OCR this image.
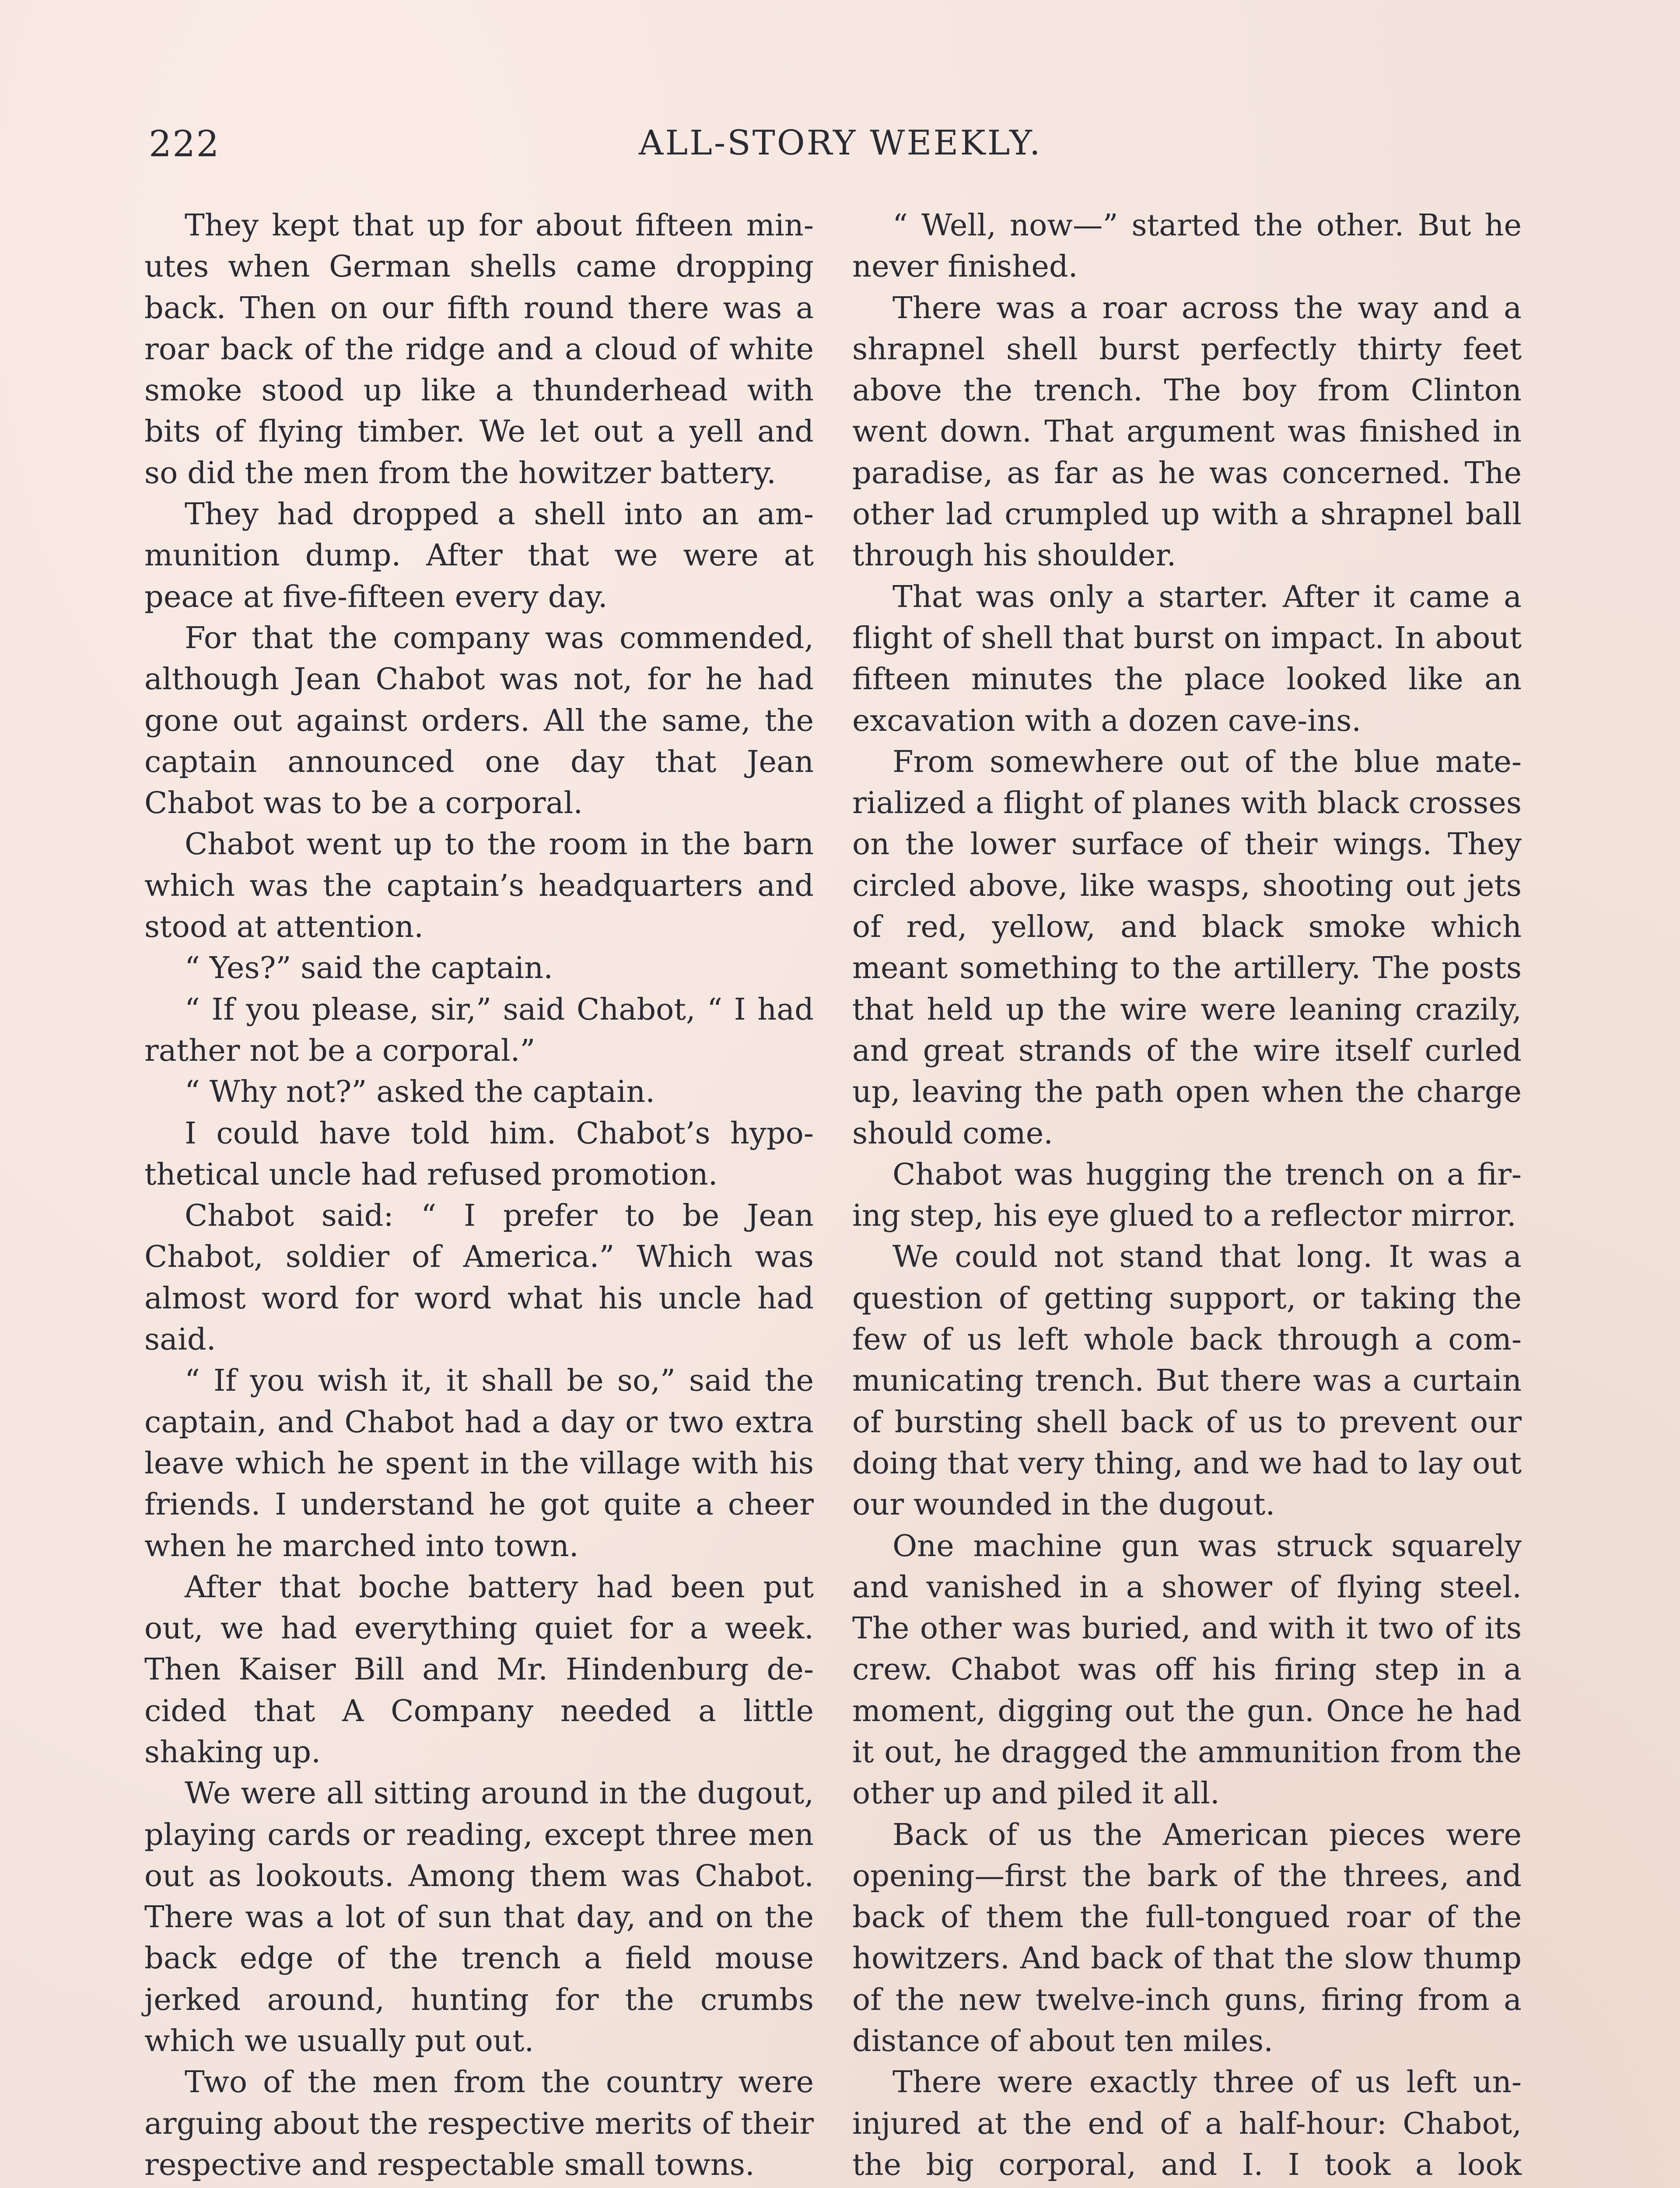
222	ALL-STORY WEEKLY.

They kept that up for about fifteen minutes when German shells came dropping back. Then on our fifth round there was a roar back of the ridge and a cloud of white smoke stood up like a thunderhead with bits of flying timber. We let out a yell and so did the men from the howitzer battery.

They had dropped a shell into an ammunition dump. After that we were at peace at five-fifteen every day.

For that the company was commended, although Jean Chabot was not, for he had gone out against orders. All the same, the captain announced one day that Jean Chabot was to be a corporal.

Chabot went up to the room in the barn which was the captain’s headquarters and stood at attention.

“ Yes?” said the captain.

“ If you please, sir,” said Chabot, “ I had rather not be a corporal.”

“ Why not?” asked the captain.

I could have told him. Chabot’s hypothetical uncle had refused promotion.

Chabot said: “ I prefer to be Jean Chabot, soldier of America.” Which was almost word for word what his uncle had said.

“ If you wish it, it shall be so,” said the captain, and Chabot had a day or two extra leave which he spent in the village with his friends. I understand he got quite a cheer when he marched into town.

After that boche battery had been put out, we had everything quiet for a week. Then Kaiser Bill and Mr. Hindenburg decided that A Company needed a little shaking up.

We were all sitting around in the dugout, playing cards or reading, except three men out as lookouts. Among them was Chabot. There was a lot of sun that day, and on the back edge of the trench a field mouse jerked around, hunting for the crumbs which we usually put out.

Two of the men from the country were arguing about the respective merits of their respective and respectable small towns.

“ Well, now—” started the other. But he never finished.

There was a roar across the way and a shrapnel shell burst perfectly thirty feet above the trench. The boy from Clinton went down. That argument was finished in paradise, as far as he was concerned. The other lad crumpled up with a shrapnel ball through his shoulder.

That was only a starter. After it came a flight of shell that burst on impact. In about fifteen minutes the place looked like an excavation with a dozen cave-ins.

From somewhere out of the blue materialized a flight of planes with black crosses on the lower surface of their wings. They circled above, like wasps, shooting out jets of red, yellow, and black smoke which meant something to the artillery. The posts that held up the wire were leaning crazily, and great strands of the wire itself curled up, leaving the path open when the charge should come.

Chabot was hugging the trench on a firing step, his eye glued to a reflector mirror.

We could not stand that long. It was a question of getting support, or taking the few of us left whole back through a communicating trench. But there was a curtain of bursting shell back of us to prevent our doing that very thing, and we had to lay out our wounded in the dugout.

One machine gun was struck squarely and vanished in a shower of flying steel. The other was buried, and with it two of its crew. Chabot was off his firing step in a moment, digging out the gun. Once he had it out, he dragged the ammunition from the other up and piled it all.

Back of us the American pieces were opening—first the bark of the threes, and back of them the full-tongued roar of the howitzers. And back of that the slow thump of the new twelve-inch guns, firing from a distance of about ten miles.

There were exactly three of us left uninjured at the end of a half-hour: Chabot, the big corporal, and I. I took a look
